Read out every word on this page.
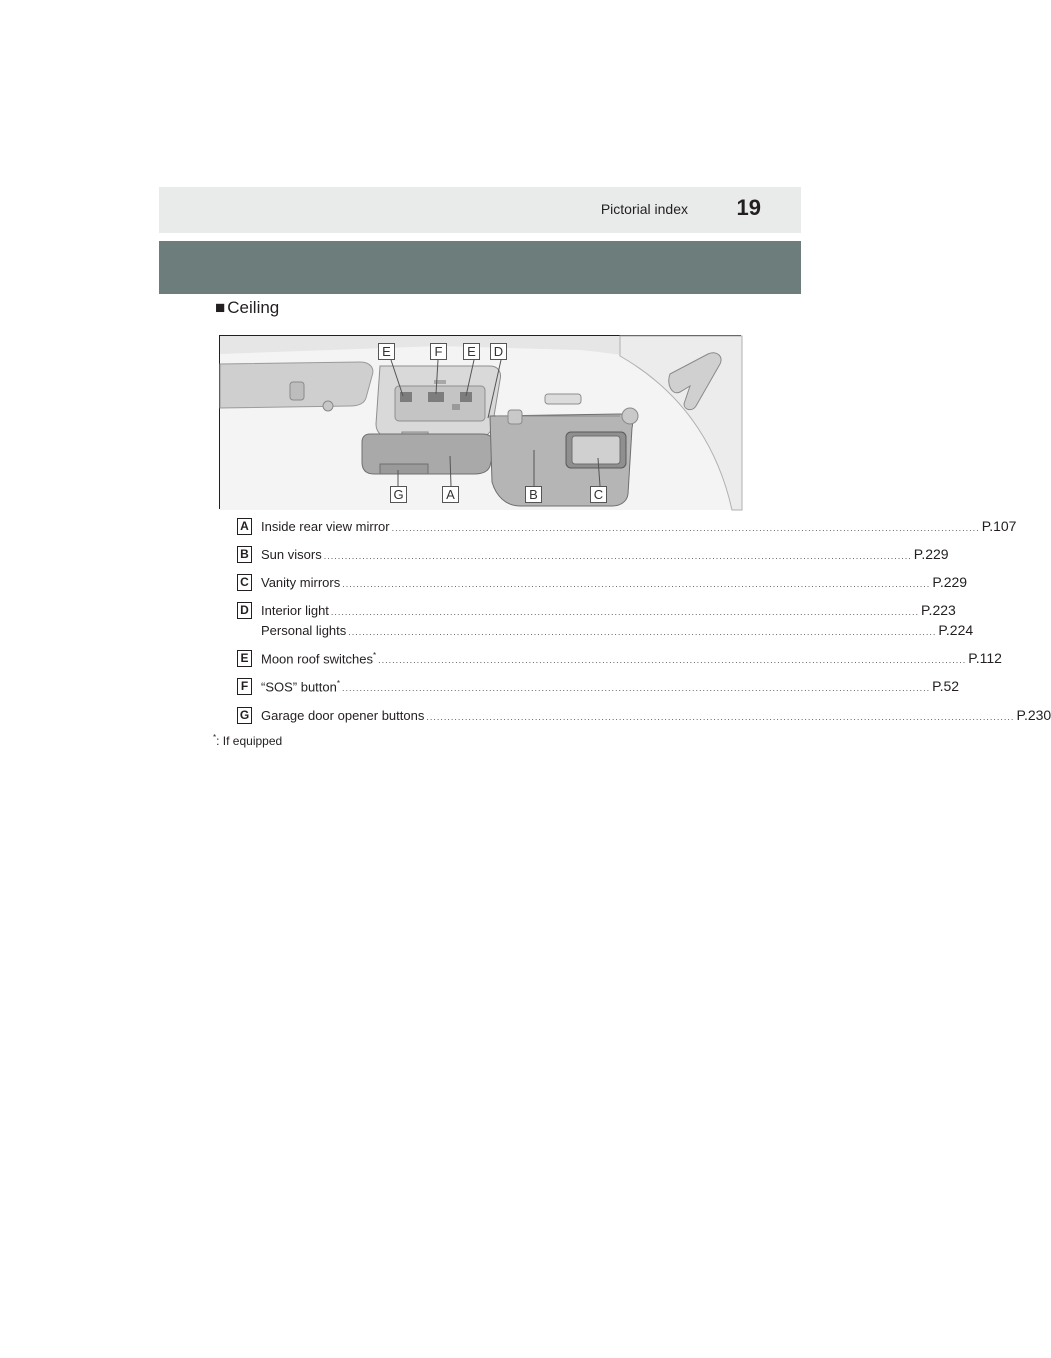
Pictorial index 19
■ Ceiling
E	F	E	D
G	A	B	C
A Inside rear view mirror ........................................................................................................................................................................ P.107
B Sun visors ........................................................................................................................................................................ P.229
C Vanity mirrors ........................................................................................................................................................................ P.229
D Interior light ........................................................................................................................................................................ P.223
Personal lights ........................................................................................................................................................................ P.224
E Moon roof switches* ........................................................................................................................................................................ P.112
F “SOS” button* ........................................................................................................................................................................ P.52
G Garage door opener buttons ........................................................................................................................................................................ P.230
*: If equipped
